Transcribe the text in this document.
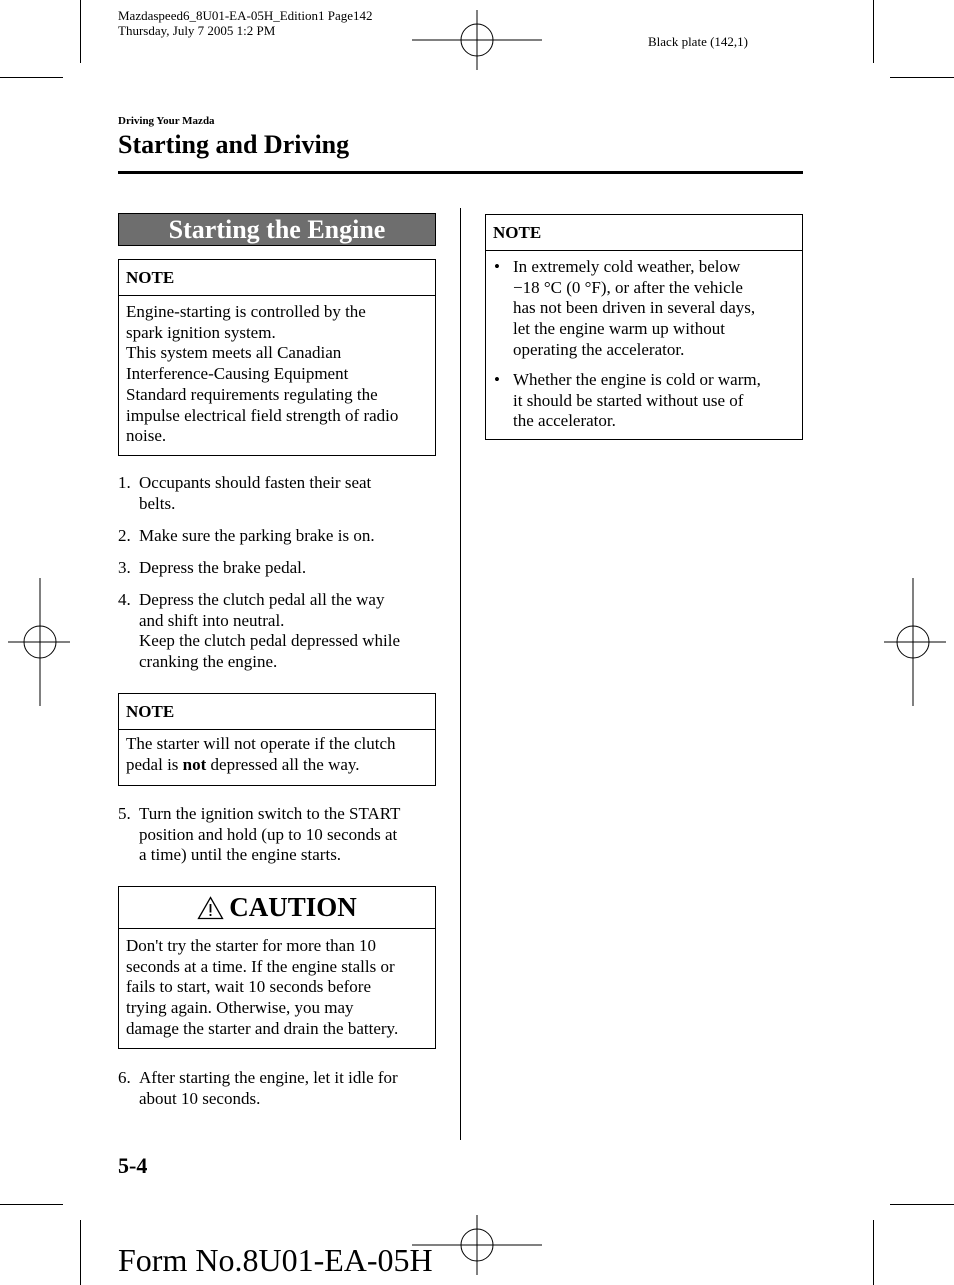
Mazdaspeed6_8U01-EA-05H_Edition1 Page142
Thursday, July 7 2005 1:2 PM
Black plate (142,1)
Driving Your Mazda
Starting and Driving
Starting the Engine
NOTE
Engine-starting is controlled by the
spark ignition system.
This system meets all Canadian
Interference-Causing Equipment
Standard requirements regulating the
impulse electrical field strength of radio
noise.
1. Occupants should fasten their seat
belts.
2. Make sure the parking brake is on.
3. Depress the brake pedal.
4. Depress the clutch pedal all the way
and shift into neutral.
Keep the clutch pedal depressed while
cranking the engine.
NOTE
The starter will not operate if the clutch
pedal is not depressed all the way.
5. Turn the ignition switch to the START
position and hold (up to 10 seconds at
a time) until the engine starts.
CAUTION
Don't try the starter for more than 10
seconds at a time. If the engine stalls or
fails to start, wait 10 seconds before
trying again. Otherwise, you may
damage the starter and drain the battery.
6. After starting the engine, let it idle for
about 10 seconds.
NOTE
• In extremely cold weather, below
−18 °C (0 °F), or after the vehicle
has not been driven in several days,
let the engine warm up without
operating the accelerator.
• Whether the engine is cold or warm,
it should be started without use of
the accelerator.
5-4
Form No.8U01-EA-05H
